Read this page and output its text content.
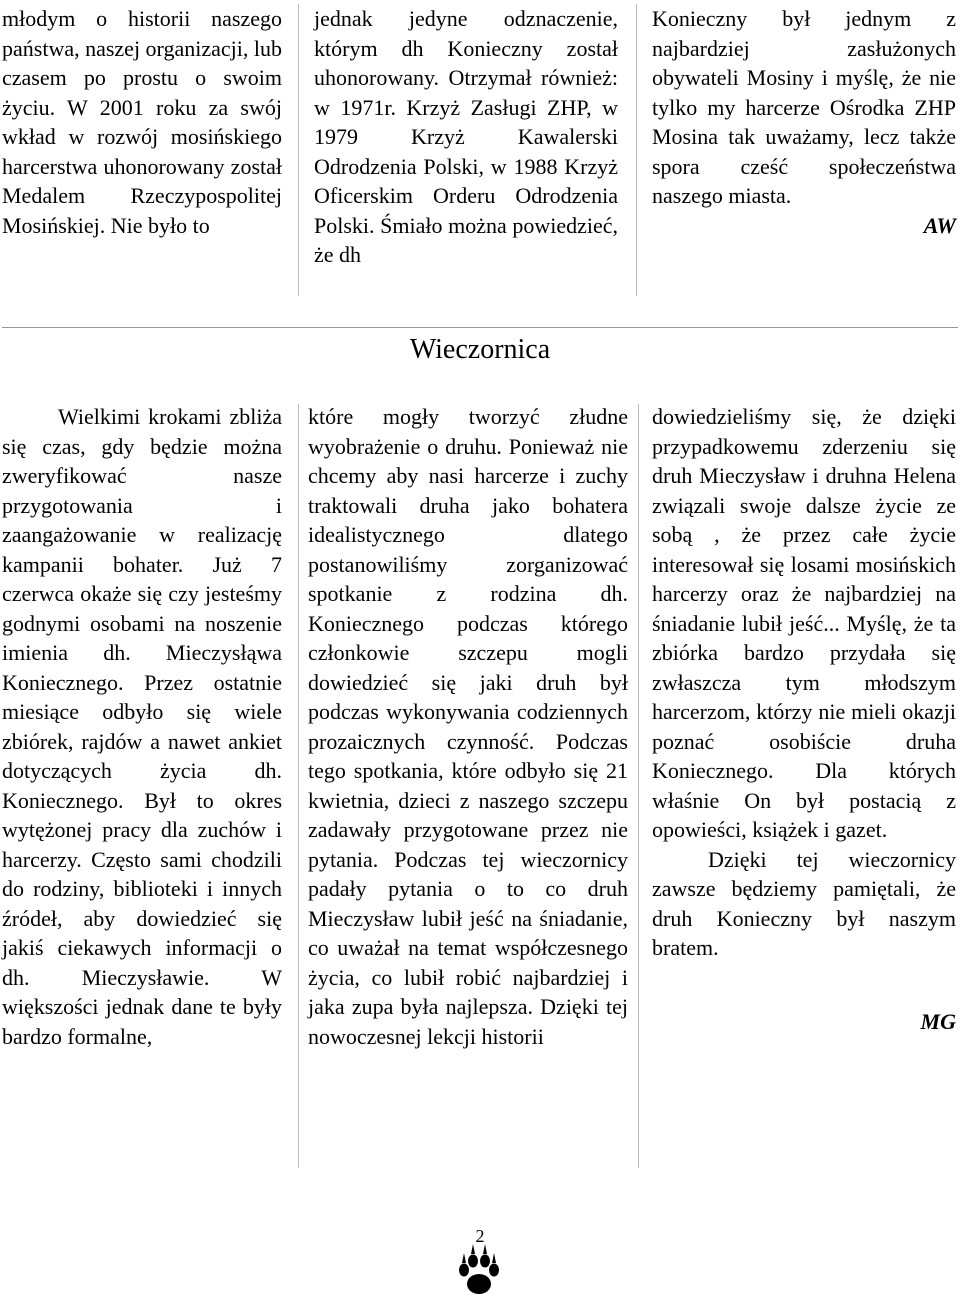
młodym o historii naszego państwa, naszej organizacji, lub czasem po prostu o swoim życiu. W 2001 roku za swój wkład w rozwój mosińskiego harcerstwa uhonorowany został Medalem Rzeczypospolitej Mosińskiej. Nie było to

jednak jedyne odznaczenie, którym dh Konieczny został uhonorowany. Otrzymał również: w 1971r. Krzyż Zasługi ZHP, w 1979 Krzyż Kawalerski Odrodzenia Polski, w 1988 Krzyż Oficerskim Orderu Odrodzenia Polski. Śmiało można powiedzieć, że dh

Konieczny był jednym z najbardziej zasłużonych obywateli Mosiny i myślę, że nie tylko my harcerze Ośrodka ZHP Mosina tak uważamy, lecz także spora cześć społeczeństwa naszego miasta.

AW

Wieczornica

Wielkimi krokami zbliża się czas, gdy będzie można zweryfikować nasze przygotowania i zaangażowanie w realizację kampanii bohater. Już 7 czerwca okaże się czy jesteśmy godnymi osobami na noszenie imienia dh. Mieczysłąwa Koniecznego. Przez ostatnie miesiące odbyło się wiele zbiórek, rajdów a nawet ankiet dotyczących życia dh. Koniecznego. Był to okres wytężonej pracy dla zuchów i harcerzy. Często sami chodzili do rodziny, biblioteki i innych źródeł, aby dowiedzieć się jakiś ciekawych informacji o dh. Mieczysławie. W większości jednak dane te były bardzo formalne,

które mogły tworzyć złudne wyobrażenie o druhu. Ponieważ nie chcemy aby nasi harcerze i zuchy traktowali druha jako bohatera idealistycznego dlatego postanowiliśmy zorganizować spotkanie z rodzina dh. Koniecznego podczas którego członkowie szczepu mogli dowiedzieć się jaki druh był podczas wykonywania codziennych prozaicznych czynność. Podczas tego spotkania, które odbyło się 21 kwietnia, dzieci z naszego szczepu zadawały przygotowane przez nie pytania. Podczas tej wieczornicy padały pytania o to co druh Mieczysław lubił jeść na śniadanie, co uważał na temat współczesnego życia, co lubił robić najbardziej i jaka zupa była najlepsza. Dzięki tej nowoczesnej lekcji historii

dowiedzieliśmy się, że dzięki przypadkowemu zderzeniu się druh Mieczysław i druhna Helena związali swoje dalsze życie ze sobą , że przez całe życie interesował się losami mosińskich harcerzy oraz że najbardziej na śniadanie lubił jeść... Myślę, że ta zbiórka bardzo przydała się zwłaszcza tym młodszym harcerzom, którzy nie mieli okazji poznać osobiście druha Koniecznego. Dla których właśnie On był postacią z opowieści, książek i gazet.

Dzięki tej wieczornicy zawsze będziemy pamiętali, że druh Konieczny był naszym bratem.

MG

2
